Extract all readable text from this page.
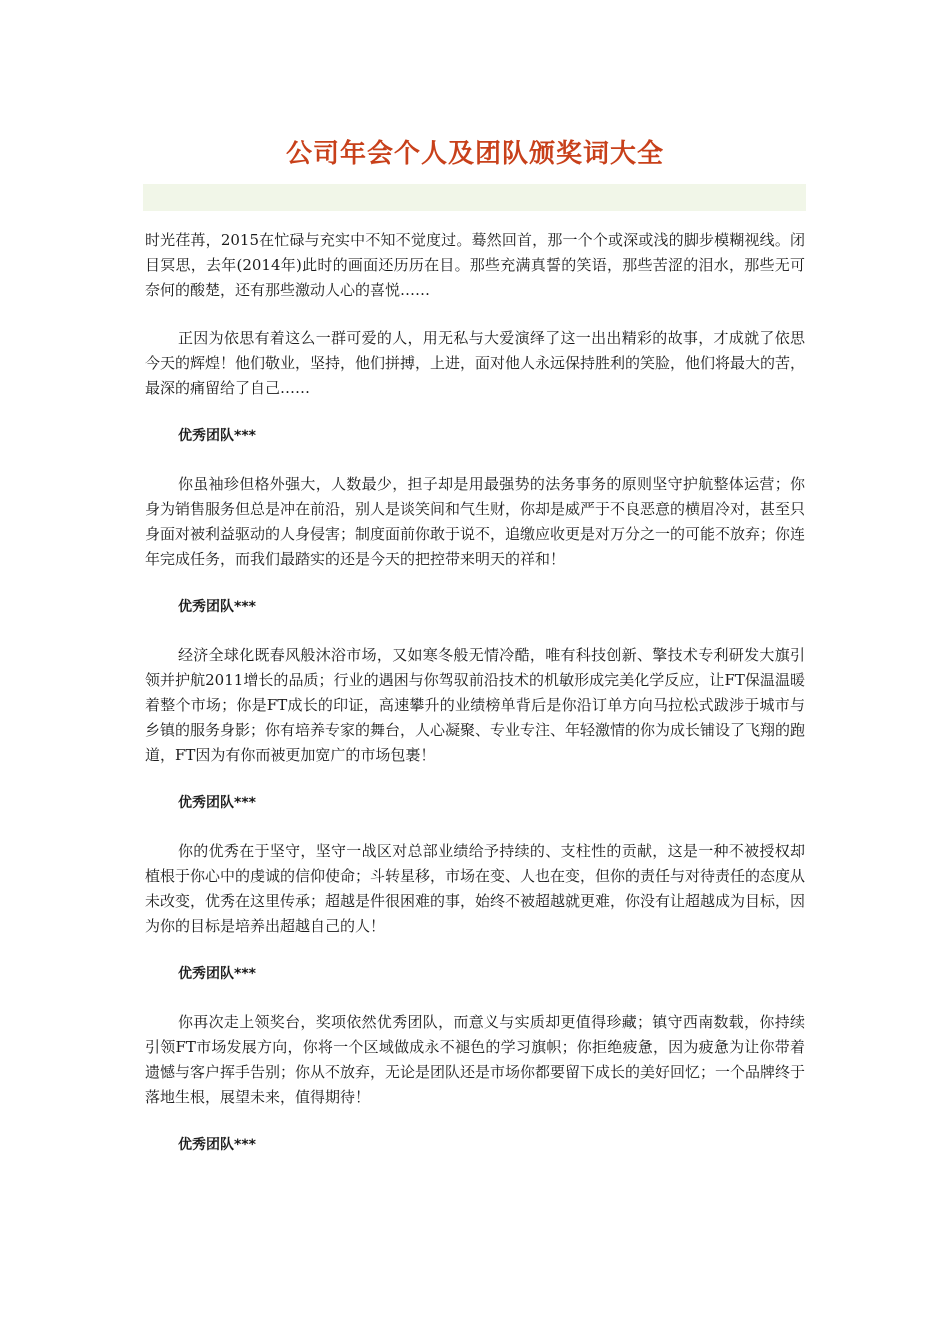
公司年会个人及团队颁奖词大全

时光荏苒，2015在忙碌与充实中不知不觉度过。蓦然回首，那一个个或深或浅的脚步模糊视线。闭目冥思，去年(2014年)此时的画面还历历在目。那些充满真誓的笑语，那些苦涩的泪水，那些无可奈何的酸楚，还有那些激动人心的喜悦……

正因为依思有着这么一群可爱的人，用无私与大爱演绎了这一出出精彩的故事，才成就了依思今天的辉煌！他们敬业，坚持，他们拼搏，上进，面对他人永远保持胜利的笑脸，他们将最大的苦，最深的痛留给了自己……

优秀团队***

你虽袖珍但格外强大，人数最少，担子却是用最强势的法务事务的原则坚守护航整体运营；你身为销售服务但总是冲在前沿，别人是谈笑间和气生财，你却是威严于不良恶意的横眉冷对，甚至只身面对被利益驱动的人身侵害；制度面前你敢于说不，追缴应收更是对万分之一的可能不放弃；你连年完成任务，而我们最踏实的还是今天的把控带来明天的祥和！

优秀团队***

经济全球化既春风般沐浴市场，又如寒冬般无情冷酷，唯有科技创新、擎技术专利研发大旗引领并护航2011增长的品质；行业的遇困与你驾驭前沿技术的机敏形成完美化学反应，让FT保温温暖着整个市场；你是FT成长的印证，高速攀升的业绩榜单背后是你沿订单方向马拉松式跋涉于城市与乡镇的服务身影；你有培养专家的舞台，人心凝聚、专业专注、年轻激情的你为成长铺设了飞翔的跑道，FT因为有你而被更加宽广的市场包裹！

优秀团队***

你的优秀在于坚守，坚守一战区对总部业绩给予持续的、支柱性的贡献，这是一种不被授权却植根于你心中的虔诚的信仰使命；斗转星移，市场在变、人也在变，但你的责任与对待责任的态度从未改变，优秀在这里传承；超越是件很困难的事，始终不被超越就更难，你没有让超越成为目标，因为你的目标是培养出超越自己的人！

优秀团队***

你再次走上领奖台，奖项依然优秀团队，而意义与实质却更值得珍藏；镇守西南数载，你持续引领FT市场发展方向，你将一个区域做成永不褪色的学习旗帜；你拒绝疲惫，因为疲惫为让你带着遗憾与客户挥手告别；你从不放弃，无论是团队还是市场你都要留下成长的美好回忆；一个品牌终于落地生根，展望未来，值得期待！

优秀团队***
